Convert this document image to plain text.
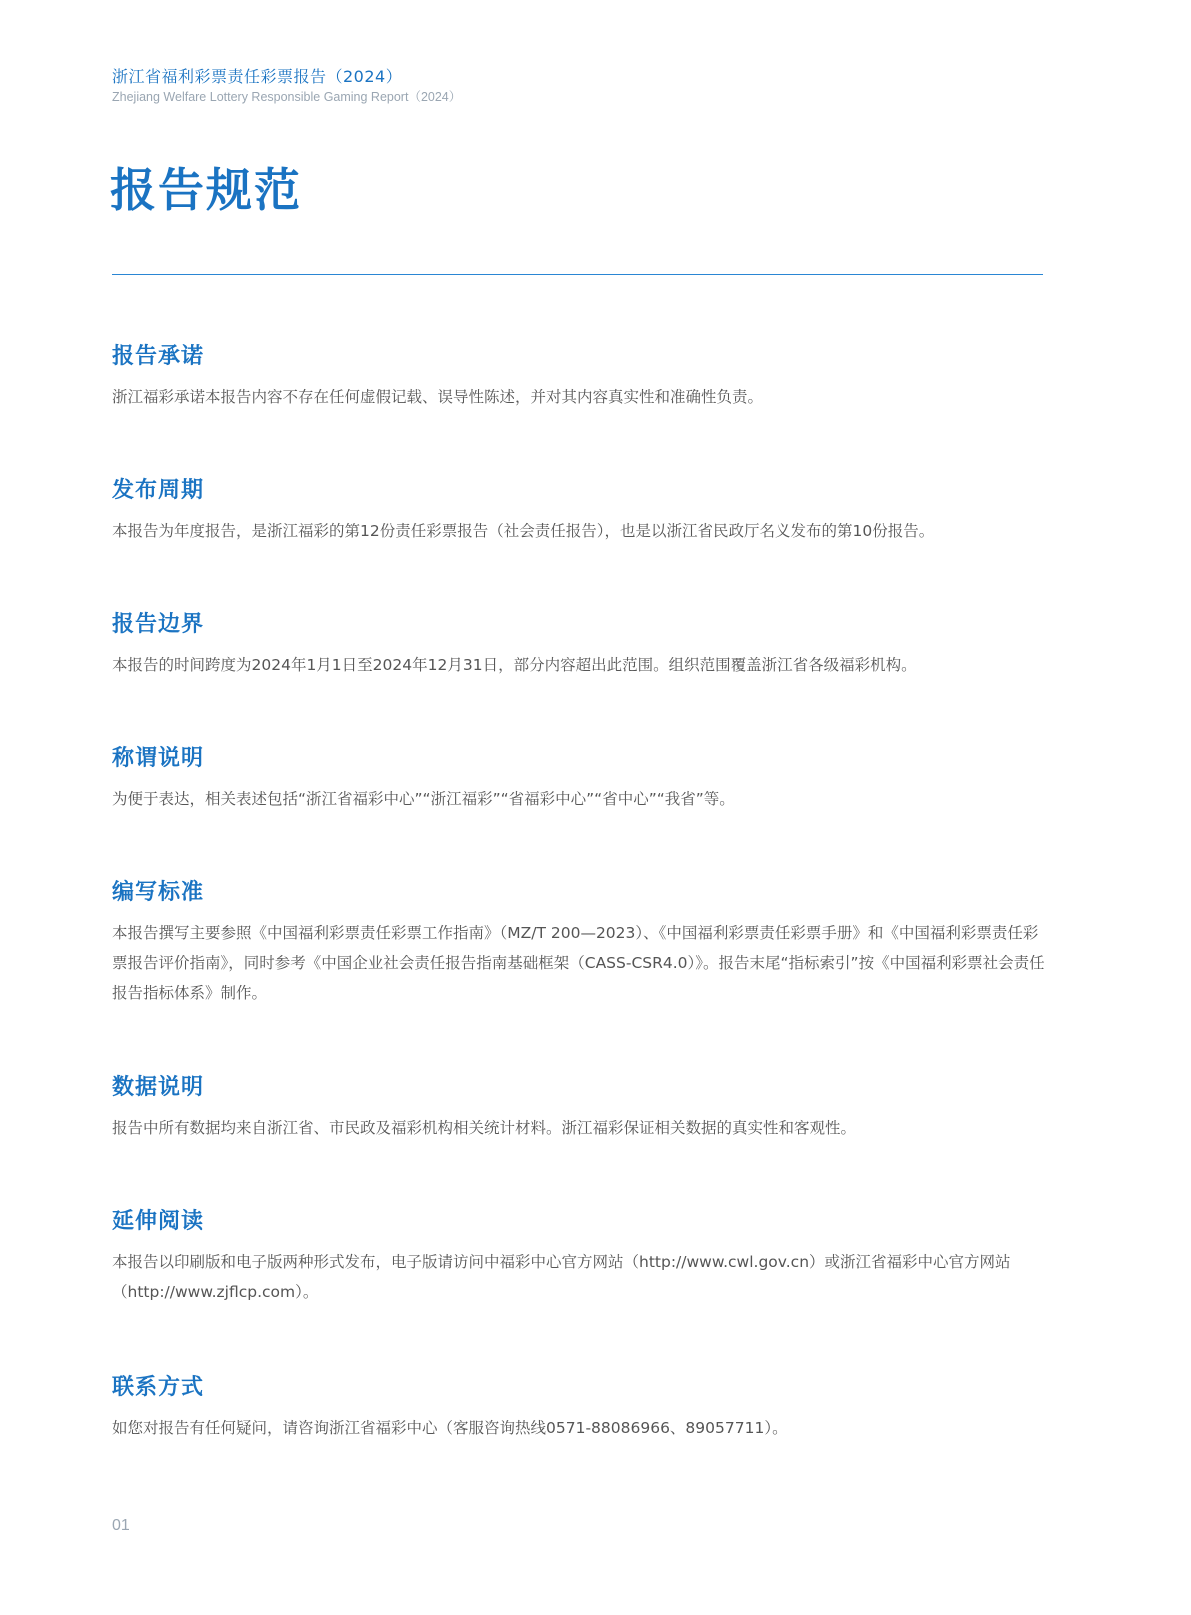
浙江省福利彩票责任彩票报告（2024）
Zhejiang Welfare Lottery Responsible Gaming Report（2024）
报告规范
报告承诺

浙江福彩承诺本报告内容不存在任何虚假记载、误导性陈述，并对其内容真实性和准确性负责。

发布周期

本报告为年度报告，是浙江福彩的第12份责任彩票报告（社会责任报告），也是以浙江省民政厅名义发布的第10份报告。

报告边界

本报告的时间跨度为2024年1月1日至2024年12月31日，部分内容超出此范围。组织范围覆盖浙江省各级福彩机构。

称谓说明

为便于表达，相关表述包括“浙江省福彩中心”“浙江福彩”“省福彩中心”“省中心”“我省”等。

编写标准

本报告撰写主要参照《中国福利彩票责任彩票工作指南》（MZ/T 200—2023）、《中国福利彩票责任彩票手册》和《中国福利彩票责任彩票报告评价指南》，同时参考《中国企业社会责任报告指南基础框架（CASS-CSR4.0）》。报告末尾“指标索引”按《中国福利彩票社会责任报告指标体系》制作。

数据说明

报告中所有数据均来自浙江省、市民政及福彩机构相关统计材料。浙江福彩保证相关数据的真实性和客观性。

延伸阅读

本报告以印刷版和电子版两种形式发布，电子版请访问中福彩中心官方网站（http://www.cwl.gov.cn）或浙江省福彩中心官方网站（http://www.zjflcp.com）。

联系方式

如您对报告有任何疑问，请咨询浙江省福彩中心（客服咨询热线0571-88086966、89057711）。

01
